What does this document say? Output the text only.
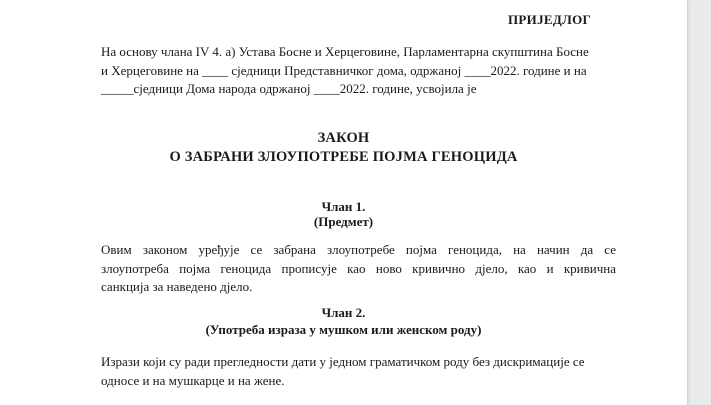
ПРИЈЕДЛОГ
На основу члана IV 4. а) Устава Босне и Херцеговине, Парламентарна скупштина Босне
и Херцеговине на ____ сједници Представничког дома, одржаној ____2022. године и на
_____сједници Дома народа одржаној ____2022. године, усвојила је
ЗАКОН
О ЗАБРАНИ ЗЛОУПОТРЕБЕ ПОЈМА ГЕНОЦИДА
Члан 1.
(Предмет)
Овим законом уређује се забрана злоупотребе појма геноцида, на начин да се
злоупотреба појма геноцида прописује као ново кривично дјело, као и кривична
санкција за наведено дјело.
Члан 2.
(Употреба израза у мушком или женском роду)
Изрази који су ради прегледности дати у једном граматичком роду без дискримације се
односе и на мушкарце и на жене.
